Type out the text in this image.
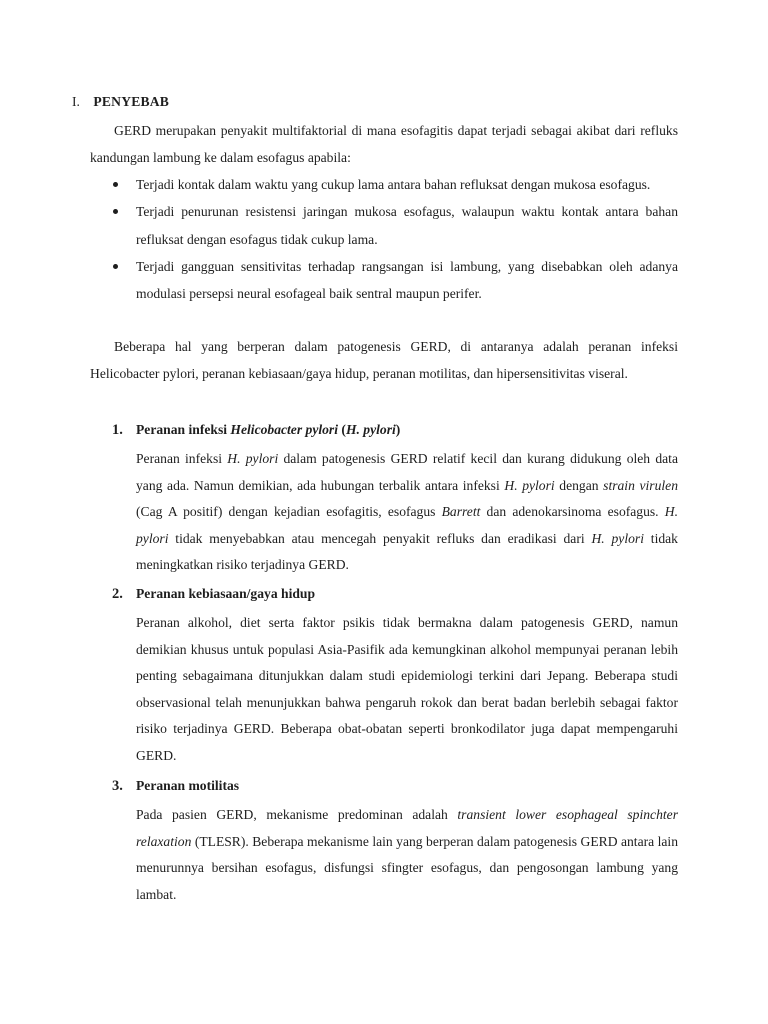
I. PENYEBAB

GERD merupakan penyakit multifaktorial di mana esofagitis dapat terjadi sebagai akibat dari refluks kandungan lambung ke dalam esofagus apabila:

Terjadi kontak dalam waktu yang cukup lama antara bahan refluksat dengan mukosa esofagus.
Terjadi penurunan resistensi jaringan mukosa esofagus, walaupun waktu kontak antara bahan refluksat dengan esofagus tidak cukup lama.
Terjadi gangguan sensitivitas terhadap rangsangan isi lambung, yang disebabkan oleh adanya modulasi persepsi neural esofageal baik sentral maupun perifer.

Beberapa hal yang berperan dalam patogenesis GERD, di antaranya adalah peranan infeksi Helicobacter pylori, peranan kebiasaan/gaya hidup, peranan motilitas, dan hipersensitivitas viseral.

1. Peranan infeksi Helicobacter pylori (H. pylori)

Peranan infeksi H. pylori dalam patogenesis GERD relatif kecil dan kurang didukung oleh data yang ada. Namun demikian, ada hubungan terbalik antara infeksi H. pylori dengan strain virulen (Cag A positif) dengan kejadian esofagitis, esofagus Barrett dan adenokarsinoma esofagus. H. pylori tidak menyebabkan atau mencegah penyakit refluks dan eradikasi dari H. pylori tidak meningkatkan risiko terjadinya GERD.

2. Peranan kebiasaan/gaya hidup

Peranan alkohol, diet serta faktor psikis tidak bermakna dalam patogenesis GERD, namun demikian khusus untuk populasi Asia-Pasifik ada kemungkinan alkohol mempunyai peranan lebih penting sebagaimana ditunjukkan dalam studi epidemiologi terkini dari Jepang. Beberapa studi observasional telah menunjukkan bahwa pengaruh rokok dan berat badan berlebih sebagai faktor risiko terjadinya GERD. Beberapa obat-obatan seperti bronkodilator juga dapat mempengaruhi GERD.

3. Peranan motilitas

Pada pasien GERD, mekanisme predominan adalah transient lower esophageal spinchter relaxation (TLESR). Beberapa mekanisme lain yang berperan dalam patogenesis GERD antara lain menurunnya bersihan esofagus, disfungsi sfingter esofagus, dan pengosongan lambung yang lambat.
